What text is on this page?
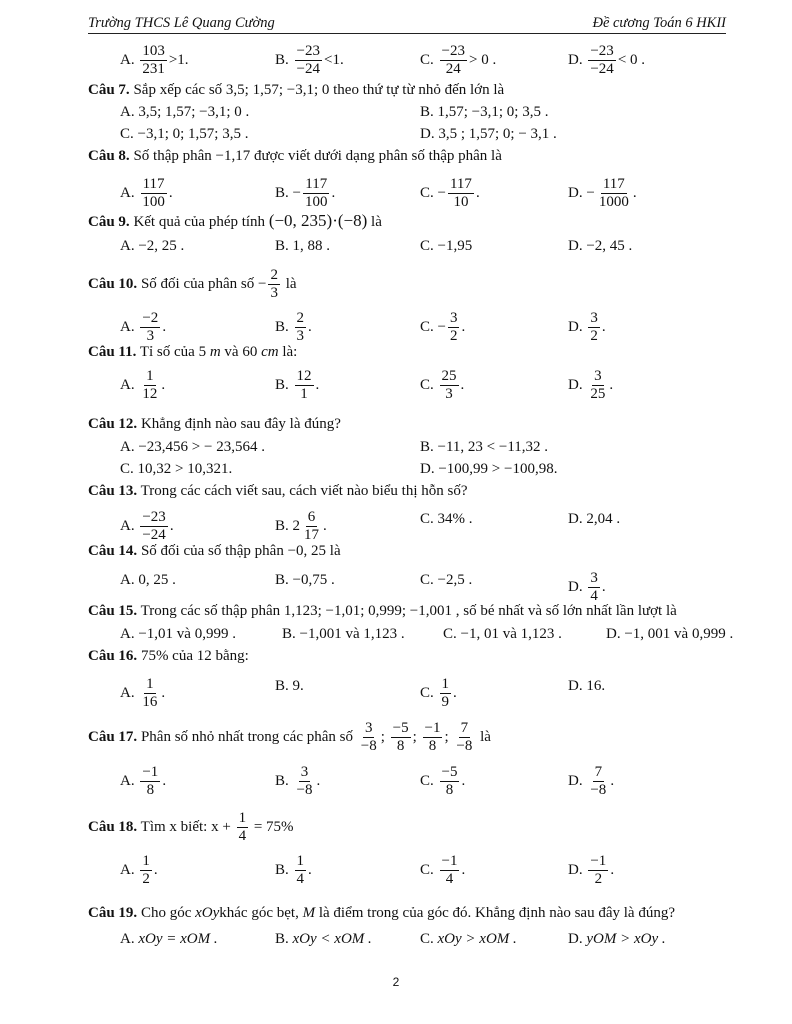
Trường THCS Lê Quang Cường	Đề cương Toán 6 HKII
A. $\frac{103}{231} >1$.	B. $\frac{-23}{-24} <1$.	C. $\frac{-23}{24} > 0$ .	D. $\frac{-23}{-24} < 0$ .
Câu 7. Sắp xếp các số 3,5; 1,57; −3,1; 0 theo thứ tự từ nhỏ đến lớn là
A. 3,5; 1,57; −3,1; 0 .	B. 1,57; −3,1; 0; 3,5 .
C. −3,1; 0; 1,57; 3,5 .	D. 3,5 ; 1,57; 0; − 3,1 .
Câu 8. Số thập phân −1,17 được viết dưới dạng phân số thập phân là
A. $\frac{117}{100}$ .	B. − $\frac{117}{100}$ .	C. − $\frac{117}{10}$ .	D. − $\frac{117}{1000}$ .
Câu 9. Kết quả của phép tính (−0, 235)·(−8) là
A. −2, 25 .	B. 1, 88 .	C. −1,95	D. −2, 45 .
Câu 10. Số đối của phân số − $\frac{2}{3}$ là
A. $\frac{-2}{3}$ .	B. $\frac{2}{3}$ .	C. − $\frac{3}{2}$ .	D. $\frac{3}{2}$ .
Câu 11. Tỉ số của 5 m và 60 cm là:
A. $\frac{1}{12}$ .	B. $\frac{12}{1}$ .	C. $\frac{25}{3}$ .	D. $\frac{3}{25}$ .
Câu 12. Khẳng định nào sau đây là đúng?
A. −23,456 > − 23,564 .	B. −11, 23 < −11,32 .
C. 10,32 > 10,321.	D. −100,99 > −100,98.
Câu 13. Trong các cách viết sau, cách viết nào biểu thị hỗn số?
A. $\frac{-23}{-24}$ .	B. $2 \frac{6}{17}$ .	C. 34% .	D. 2,04 .
Câu 14. Số đối của số thập phân −0, 25 là
A. 0, 25 .	B. −0,75 .	C. −2,5 .	D. $\frac{3}{4}$ .
Câu 15. Trong các số thập phân 1,123; −1,01; 0,999; −1,001 , số bé nhất và số lớn nhất lần lượt là
A. −1,01 và 0,999 .	B. −1,001 và 1,123 .	C. −1, 01 và 1,123 .	D. −1, 001 và 0,999 .
Câu 16. 75% của 12 bằng:
A. $\frac{1}{16}$ .	B. 9.	C. $\frac{1}{9}$ .	D. 16.
Câu 17. Phân số nhỏ nhất trong các phân số $\frac{3}{-8}$ ; $\frac{-5}{8}$ ; $\frac{-1}{8}$ ; $\frac{7}{-8}$ là
A. $\frac{-1}{8}$ .	B. $\frac{3}{-8}$ .	C. $\frac{-5}{8}$ .	D. $\frac{7}{-8}$ .
Câu 18. Tìm x biết: $x + \frac{1}{4} = 75\%$
A. $\frac{1}{2}$ .	B. $\frac{1}{4}$ .	C. $\frac{-1}{4}$ .	D. $\frac{-1}{2}$ .
Câu 19. Cho góc xOykhác góc bẹt, M là điểm trong của góc đó. Khẳng định nào sau đây là đúng?
A. xOy = xOM .	B. xOy < xOM .	C. xOy > xOM .	D. yOM > xOy .
2
